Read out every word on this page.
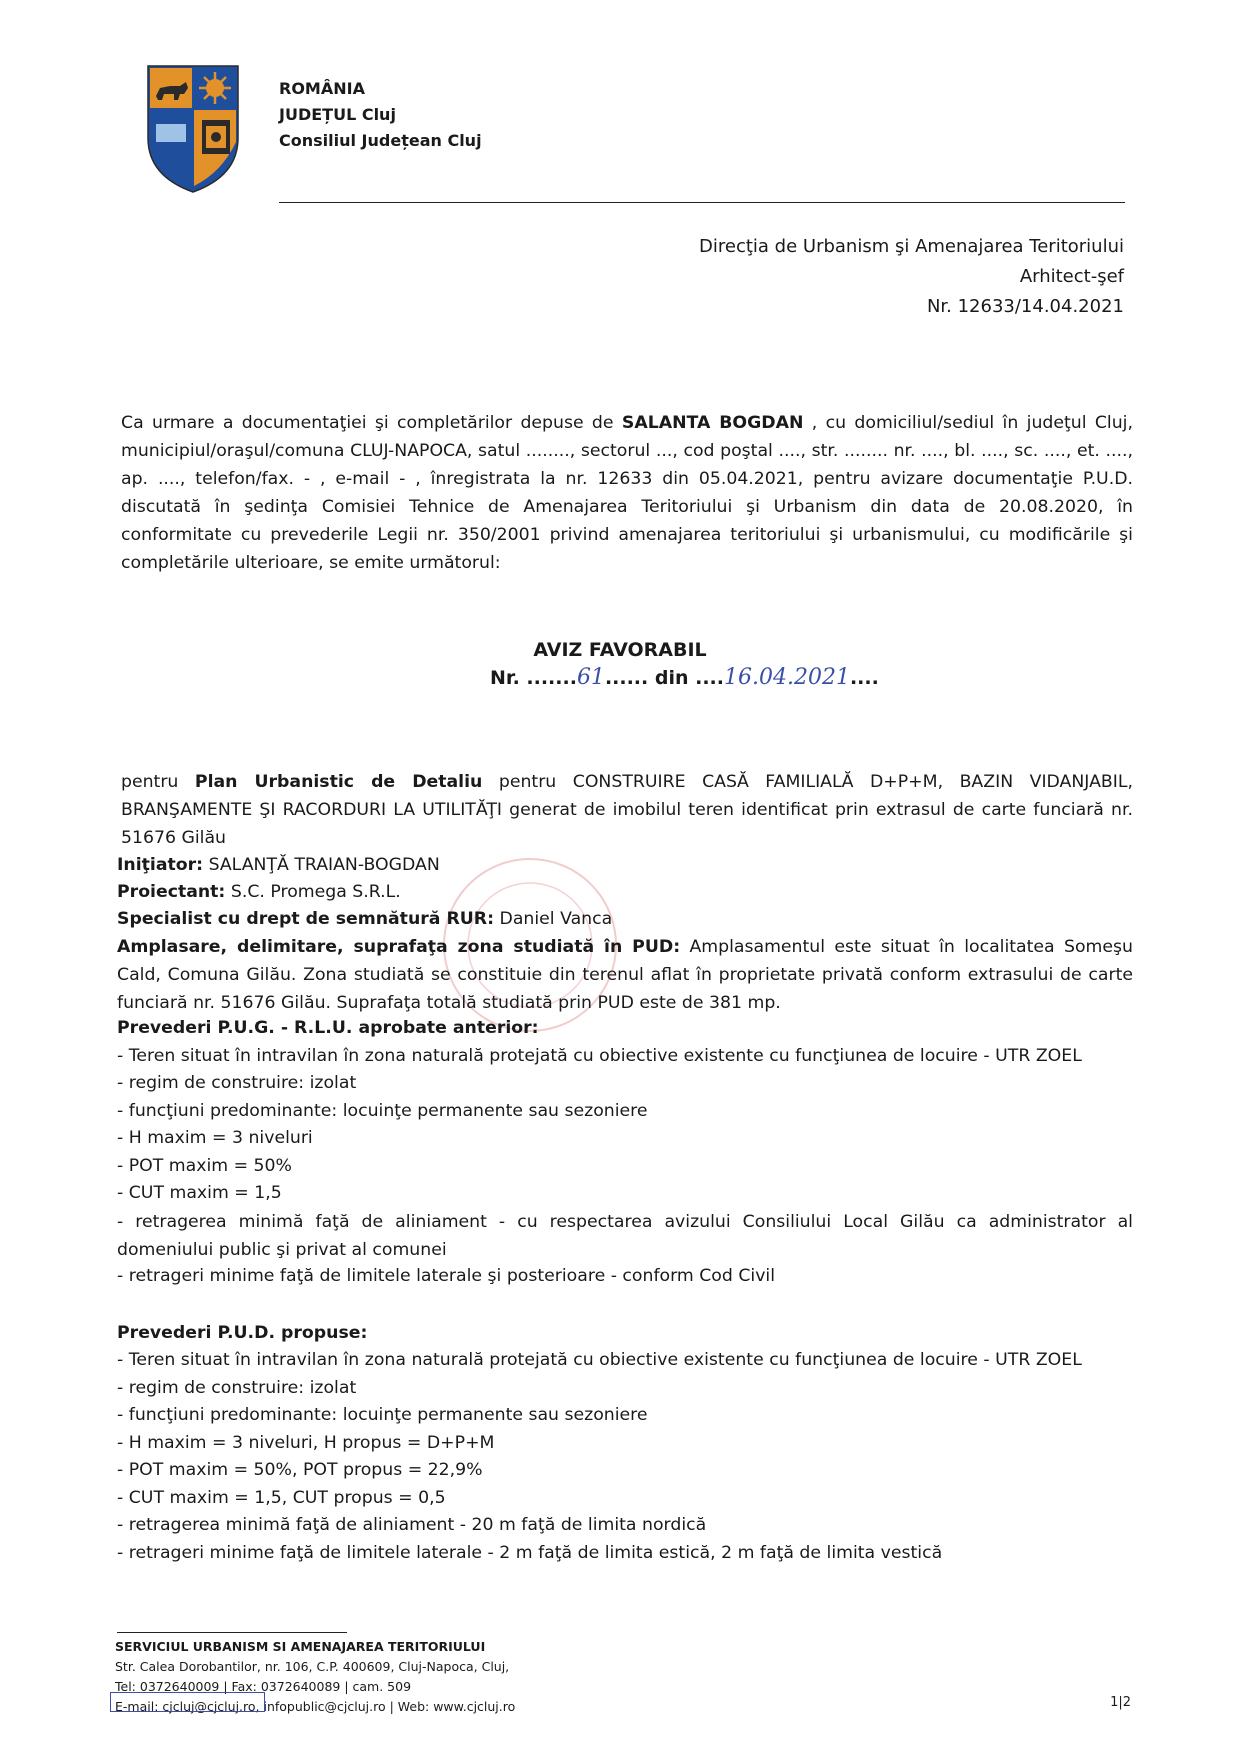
ROMÂNIA
JUDEȚUL Cluj
Consiliul Județean Cluj
Direcţia de Urbanism şi Amenajarea Teritoriului
Arhitect-şef
Nr. 12633/14.04.2021

Ca urmare a documentaţiei şi completărilor depuse de SALANTA BOGDAN , cu domiciliul/sediul în judeţul Cluj, municipiul/oraşul/comuna CLUJ-NAPOCA, satul ........, sectorul ..., cod poştal ...., str. ........ nr. ...., bl. ...., sc. ...., et. ...., ap. ...., telefon/fax. - , e-mail - , înregistrata la nr. 12633 din 05.04.2021, pentru avizare documentaţie P.U.D. discutată în şedinţa Comisiei Tehnice de Amenajarea Teritoriului şi Urbanism din data de 20.08.2020, în conformitate cu prevederile Legii nr. 350/2001 privind amenajarea teritoriului şi urbanismului, cu modificările şi completările ulterioare, se emite următorul:

AVIZ FAVORABIL
Nr. .......61...... din ....16.04.2021....

pentru Plan Urbanistic de Detaliu pentru CONSTRUIRE CASĂ FAMILIALĂ D+P+M, BAZIN VIDANJABIL, BRANŞAMENTE ŞI RACORDURI LA UTILITĂŢI generat de imobilul teren identificat prin extrasul de carte funciară nr. 51676 Gilău

Iniţiator: SALANŢĂ TRAIAN-BOGDAN
Proiectant: S.C. Promega S.R.L.
Specialist cu drept de semnătură RUR: Daniel Vanca

Amplasare, delimitare, suprafaţa zona studiată în PUD: Amplasamentul este situat în localitatea Someşu Cald, Comuna Gilău. Zona studiată se constituie din terenul aflat în proprietate privată conform extrasului de carte funciară nr. 51676 Gilău. Suprafaţa totală studiată prin PUD este de 381 mp.

Prevederi P.U.G. - R.L.U. aprobate anterior:
- Teren situat în intravilan în zona naturală protejată cu obiective existente cu funcţiunea de locuire - UTR ZOEL
- regim de construire: izolat
- funcţiuni predominante: locuinţe permanente sau sezoniere
- H maxim = 3 niveluri
- POT maxim = 50%
- CUT maxim = 1,5
- retragerea minimă faţă de aliniament - cu respectarea avizului Consiliului Local Gilău ca administrator al domeniului public şi privat al comunei
- retrageri minime faţă de limitele laterale şi posterioare - conform Cod Civil
Prevederi P.U.D. propuse:
- Teren situat în intravilan în zona naturală protejată cu obiective existente cu funcţiunea de locuire - UTR ZOEL
- regim de construire: izolat
- funcţiuni predominante: locuinţe permanente sau sezoniere
- H maxim = 3 niveluri, H propus = D+P+M
- POT maxim = 50%, POT propus = 22,9%
- CUT maxim = 1,5, CUT propus = 0,5
- retragerea minimă faţă de aliniament - 20 m faţă de limita nordică
- retrageri minime faţă de limitele laterale - 2 m faţă de limita estică, 2 m faţă de limita vestică
SERVICIUL URBANISM SI AMENAJAREA TERITORIULUI
Str. Calea Dorobantilor, nr. 106, C.P. 400609, Cluj-Napoca, Cluj,
Tel: 0372640009 | Fax: 0372640089 | cam. 509
E-mail: cjcluj@cjcluj.ro, infopublic@cjcluj.ro | Web: www.cjcluj.ro	1|2
